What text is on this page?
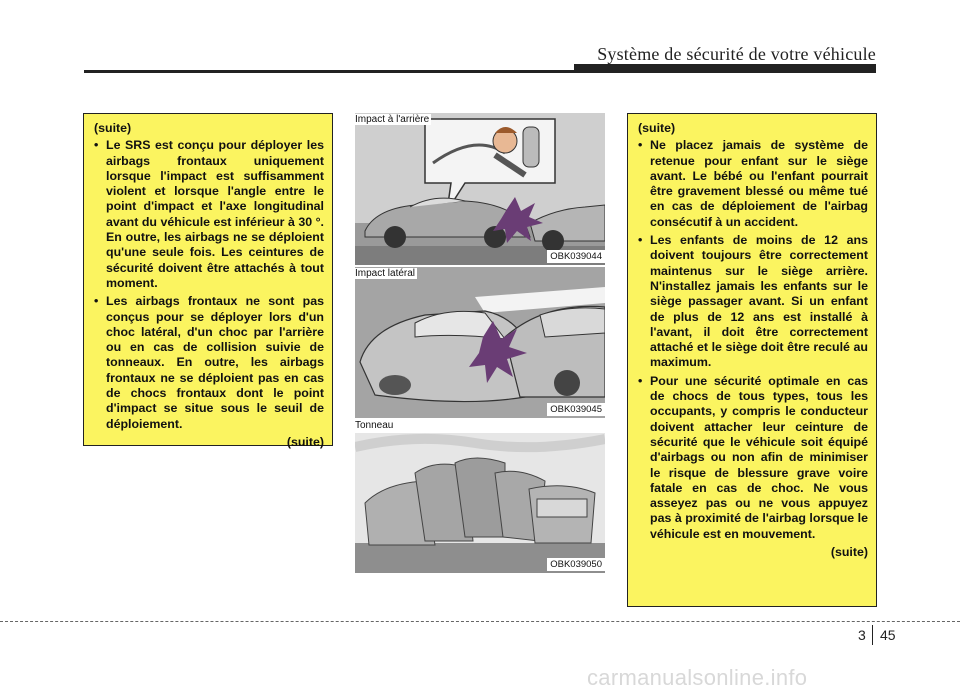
Système de sécurité de votre véhicule
(suite)
• Le SRS est conçu pour déployer les airbags frontaux uniquement lorsque l'impact est suffisamment violent et lorsque l'angle entre le point d'impact et l'axe longitudinal avant du véhicule est inférieur à 30 °. En outre, les airbags ne se déploient qu'une seule fois. Les ceintures de sécurité doivent être attachés à tout moment.
• Les airbags frontaux ne sont pas conçus pour se déployer lors d'un choc latéral, d'un choc par l'arrière ou en cas de collision suivie de tonneaux. En outre, les airbags frontaux ne se déploient pas en cas de chocs frontaux dont le point d'impact se situe sous le seuil de déploiement.
(suite)
Impact à l'arrière
OBK039044
Impact latéral
OBK039045
Tonneau
OBK039050
(suite)
• Ne placez jamais de système de retenue pour enfant sur le siège avant. Le bébé ou l'enfant pourrait être gravement blessé ou même tué en cas de déploiement de l'airbag consécutif à un accident.
• Les enfants de moins de 12 ans doivent toujours être correctement maintenus sur le siège arrière. N'installez jamais les enfants sur le siège passager avant. Si un enfant de plus de 12 ans est installé à l'avant, il doit être correctement attaché et le siège doit être reculé au maximum.
• Pour une sécurité optimale en cas de chocs de tous types, tous les occupants, y compris le conducteur doivent attacher leur ceinture de sécurité que le véhicule soit équipé d'airbags ou non afin de minimiser le risque de blessure grave voire fatale en cas de choc. Ne vous asseyez pas ou ne vous appuyez pas à proximité de l'airbag lorsque le véhicule est en mouvement.
(suite)
3 45
carmanualsonline.info
